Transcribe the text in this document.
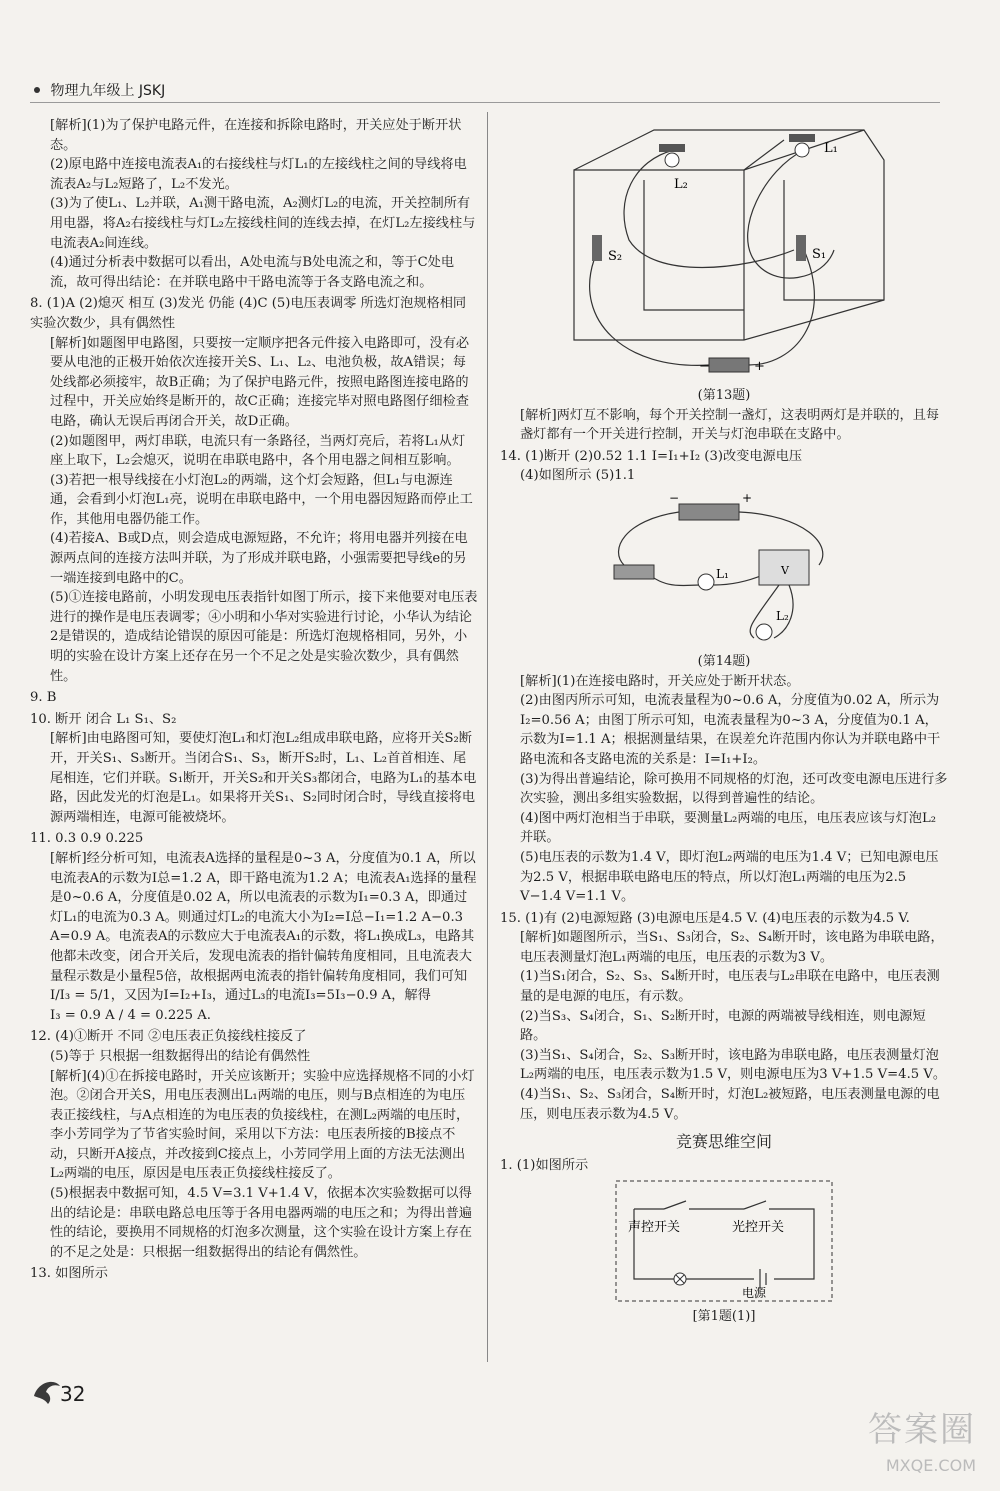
物理九年级上 JSKJ

[解析](1)为了保护电路元件，在连接和拆除电路时，开关应处于断开状态。

(2)原电路中连接电流表A₁的右接线柱与灯L₁的左接线柱之间的导线将电流表A₂与L₂短路了，L₂不发光。

(3)为了使L₁、L₂并联，A₁测干路电流，A₂测灯L₂的电流，开关控制所有用电器，将A₂右接线柱与灯L₂左接线柱间的连线去掉，在灯L₂左接线柱与电流表A₂间连线。

(4)通过分析表中数据可以看出，A处电流与B处电流之和，等于C处电流，故可得出结论：在并联电路中干路电流等于各支路电流之和。

8. (1)A (2)熄灭 相互 (3)发光 仍能 (4)C (5)电压表调零 所选灯泡规格相同 实验次数少，具有偶然性

[解析]如题图甲电路图，只要按一定顺序把各元件接入电路即可，没有必要从电池的正极开始依次连接开关S、L₁、L₂、电池负极，故A错误；每处线都必须接牢，故B正确；为了保护电路元件，按照电路图连接电路的过程中，开关应始终是断开的，故C正确；连接完毕对照电路图仔细检查电路，确认无误后再闭合开关，故D正确。

(2)如题图甲，两灯串联，电流只有一条路径，当两灯亮后，若将L₁从灯座上取下，L₂会熄灭，说明在串联电路中，各个用电器之间相互影响。

(3)若把一根导线接在小灯泡L₂的两端，这个灯会短路，但L₁与电源连通，会看到小灯泡L₁亮，说明在串联电路中，一个用电器因短路而停止工作，其他用电器仍能工作。

(4)若接A、B或D点，则会造成电源短路，不允许；将用电器并列接在电源两点间的连接方法叫并联，为了形成并联电路，小强需要把导线e的另一端连接到电路中的C。

(5)①连接电路前，小明发现电压表指针如图丁所示，接下来他要对电压表进行的操作是电压表调零；④小明和小华对实验进行讨论，小华认为结论2是错误的，造成结论错误的原因可能是：所选灯泡规格相同，另外，小明的实验在设计方案上还存在另一个不足之处是实验次数少，具有偶然性。

9. B

10. 断开 闭合 L₁ S₁、S₂

[解析]由电路图可知，要使灯泡L₁和灯泡L₂组成串联电路，应将开关S₂断开，开关S₁、S₃断开。当闭合S₁、S₃，断开S₂时，L₁、L₂首首相连、尾尾相连，它们并联。S₁断开，开关S₂和开关S₃都闭合，电路为L₁的基本电路，因此发光的灯泡是L₁。如果将开关S₁、S₂同时闭合时，导线直接将电源两端相连，电源可能被烧坏。

11. 0.3 0.9 0.225

[解析]经分析可知，电流表A选择的量程是0~3 A，分度值为0.1 A，所以电流表A的示数为I总=1.2 A，即干路电流为1.2 A；电流表A₁选择的量程是0~0.6 A，分度值是0.02 A，所以电流表的示数为I₁=0.3 A，即通过灯L₁的电流为0.3 A。则通过灯L₂的电流大小为I₂=I总−I₁=1.2 A−0.3 A=0.9 A。电流表A的示数应大于电流表A₁的示数，将L₁换成L₃，电路其他都未改变，闭合开关后，发现电流表的指针偏转角度相同，且电流表大量程示数是小量程5倍，故根据两电流表的指针偏转角度相同，我们可知 I/I₃ = 5/1，又因为I=I₂+I₃，通过L₃的电流I₃=5I₃−0.9 A，解得

I₃ = 0.9 A / 4 = 0.225 A.

12. (4)①断开 不同 ②电压表正负接线柱接反了

(5)等于 只根据一组数据得出的结论有偶然性

[解析](4)①在拆接电路时，开关应该断开；实验中应选择规格不同的小灯泡。②闭合开关S，用电压表测出L₁两端的电压，则与B点相连的为电压表正接线柱，与A点相连的为电压表的负接线柱，在测L₂两端的电压时，李小芳同学为了节省实验时间，采用以下方法：电压表所接的B接点不动，只断开A接点，并改接到C接点上，小芳同学用上面的方法无法测出L₂两端的电压，原因是电压表正负接线柱接反了。

(5)根据表中数据可知，4.5 V=3.1 V+1.4 V，依据本次实验数据可以得出的结论是：串联电路总电压等于各用电器两端的电压之和；为得出普遍性的结论，要换用不同规格的灯泡多次测量，这个实验在设计方案上存在的不足之处是：只根据一组数据得出的结论有偶然性。

13. 如图所示

L₁
L₂
S₂	S₁
−	+
(第13题)

[解析]两灯互不影响，每个开关控制一盏灯，这表明两灯是并联的，且每盏灯都有一个开关进行控制，开关与灯泡串联在支路中。

14. (1)断开 (2)0.52 1.1 I=I₁+I₂ (3)改变电源电压

(4)如图所示 (5)1.1

L₁
L₂
V
−	+
(第14题)

[解析](1)在连接电路时，开关应处于断开状态。

(2)由图丙所示可知，电流表量程为0~0.6 A，分度值为0.02 A，所示为I₂=0.56 A；由图丁所示可知，电流表量程为0~3 A，分度值为0.1 A，示数为I=1.1 A；根据测量结果，在误差允许范围内你认为并联电路中干路电流和各支路电流的关系是：I=I₁+I₂。

(3)为得出普遍结论，除可换用不同规格的灯泡，还可改变电源电压进行多次实验，测出多组实验数据，以得到普遍性的结论。

(4)图中两灯泡相当于串联，要测量L₂两端的电压，电压表应该与灯泡L₂并联。

(5)电压表的示数为1.4 V，即灯泡L₂两端的电压为1.4 V；已知电源电压为2.5 V，根据串联电路电压的特点，所以灯泡L₁两端的电压为2.5 V−1.4 V=1.1 V。

15. (1)有 (2)电源短路 (3)电源电压是4.5 V. (4)电压表的示数为4.5 V.

[解析]如题图所示，当S₁、S₃闭合，S₂、S₄断开时，该电路为串联电路，电压表测量灯泡L₁两端的电压，电压表的示数为3 V。

(1)当S₁闭合，S₂、S₃、S₄断开时，电压表与L₂串联在电路中，电压表测量的是电源的电压，有示数。

(2)当S₃、S₄闭合，S₁、S₂断开时，电源的两端被导线相连，则电源短路。

(3)当S₁、S₄闭合，S₂、S₃断开时，该电路为串联电路，电压表测量灯泡L₂两端的电压，电压表示数为1.5 V，则电源电压为3 V+1.5 V=4.5 V。

(4)当S₁、S₂、S₃闭合，S₄断开时，灯泡L₂被短路，电压表测量电源的电压，则电压表示数为4.5 V。

竞赛思维空间

1. (1)如图所示

声控开关	光控开关
电源
[第1题(1)]
32
答案圈
MXQE.COM
